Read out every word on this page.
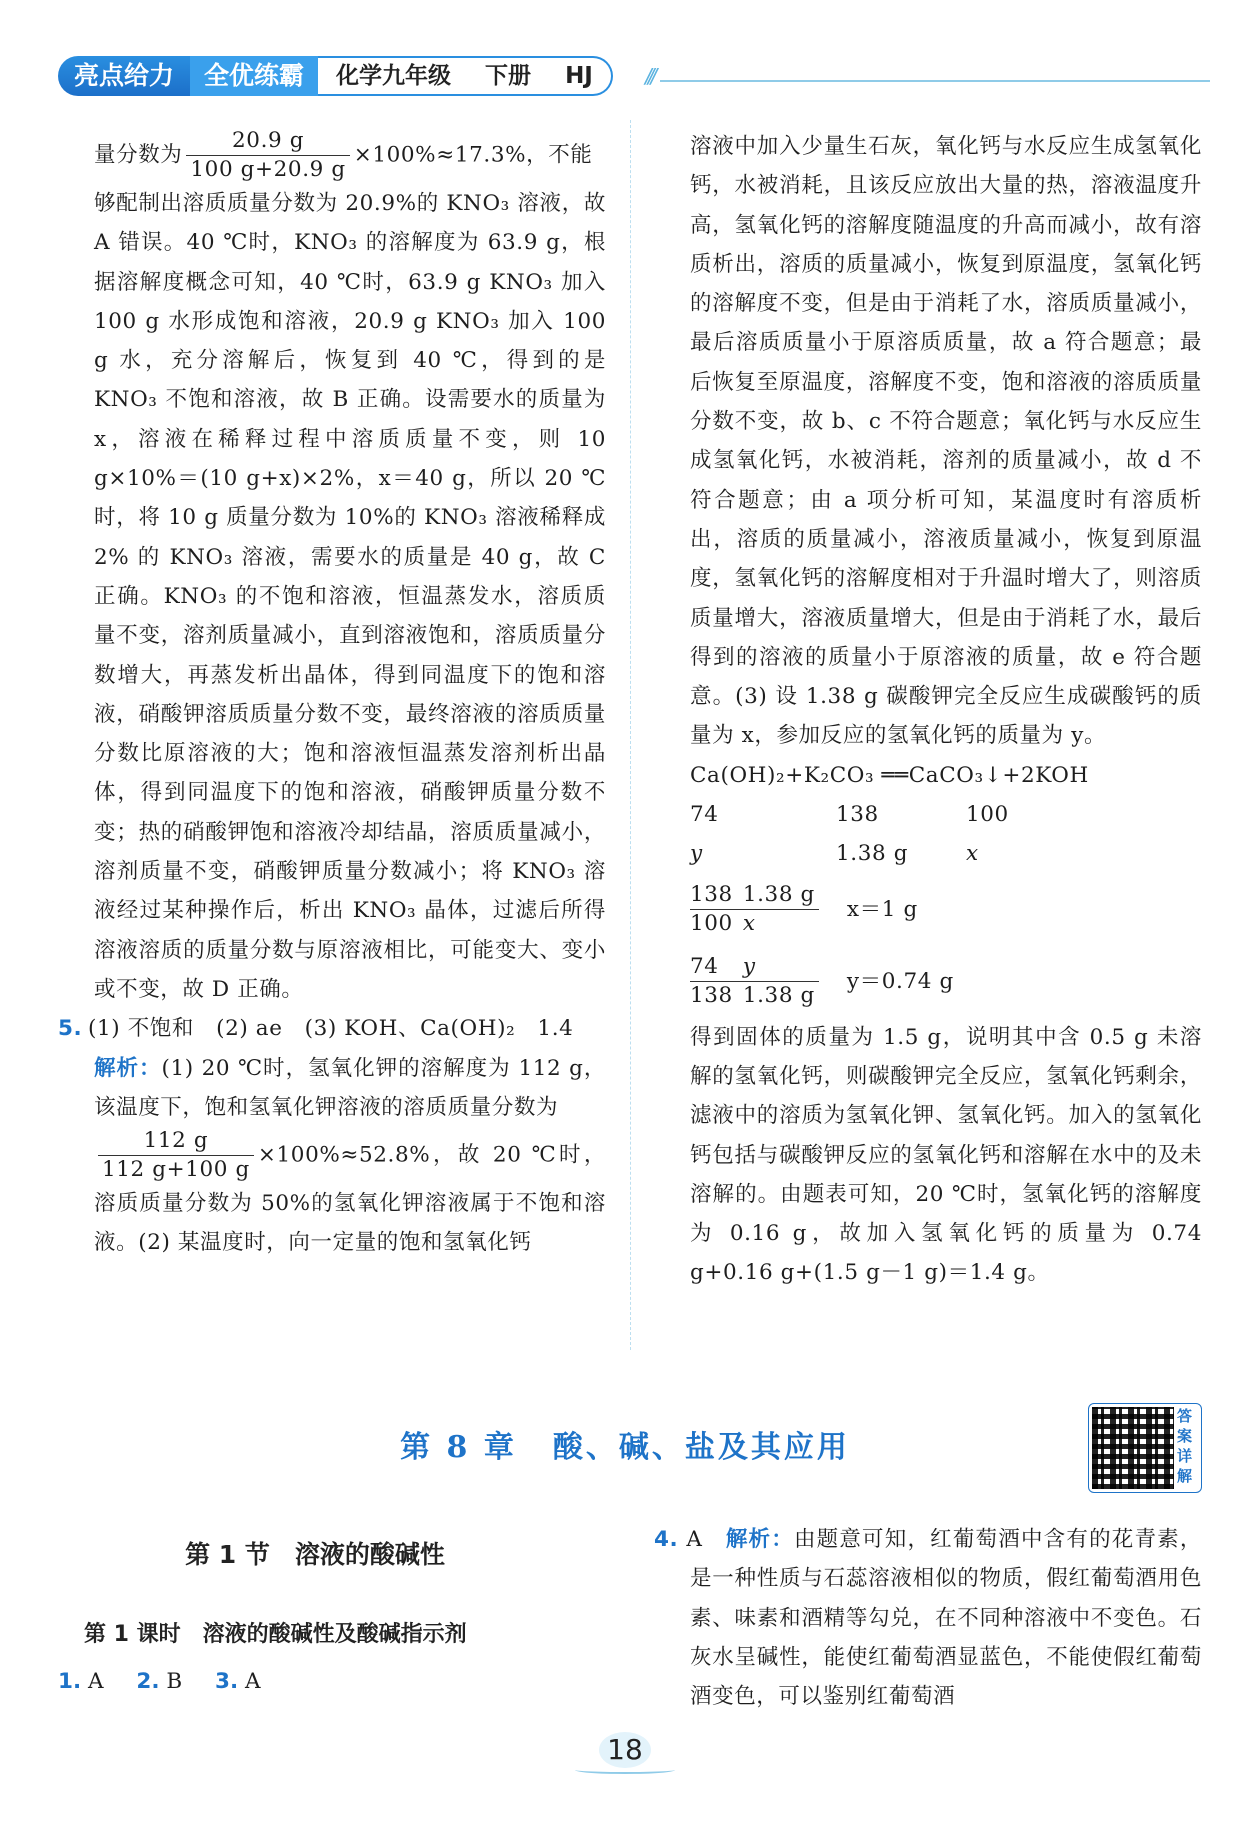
亮点给力	全优练霸	化学九年级 下册 HJ	///
量分数为 $\frac{20.9 g}{100 g+20.9 g} \times 100\%\approx 17.3\%$，不能

够配制出溶质质量分数为 20.9%的 KNO₃ 溶液，故 A 错误。40 ℃时，KNO₃ 的溶解度为 63.9 g，根据溶解度概念可知，40 ℃时，63.9 g KNO₃ 加入 100 g 水形成饱和溶液，20.9 g KNO₃ 加入 100 g 水，充分溶解后，恢复到 40 ℃，得到的是 KNO₃ 不饱和溶液，故 B 正确。设需要水的质量为 x，溶液在稀释过程中溶质质量不变，则 10 g×10%＝(10 g+x)×2%，x＝40 g，所以 20 ℃时，将 10 g 质量分数为 10%的 KNO₃ 溶液稀释成 2% 的 KNO₃ 溶液，需要水的质量是 40 g，故 C 正确。KNO₃ 的不饱和溶液，恒温蒸发水，溶质质量不变，溶剂质量减小，直到溶液饱和，溶质质量分数增大，再蒸发析出晶体，得到同温度下的饱和溶液，硝酸钾溶质质量分数不变，最终溶液的溶质质量分数比原溶液的大；饱和溶液恒温蒸发溶剂析出晶体，得到同温度下的饱和溶液，硝酸钾质量分数不变；热的硝酸钾饱和溶液冷却结晶，溶质质量减小，溶剂质量不变，硝酸钾质量分数减小；将 KNO₃ 溶液经过某种操作后，析出 KNO₃ 晶体，过滤后所得溶液溶质的质量分数与原溶液相比，可能变大、变小或不变，故 D 正确。

5. (1) 不饱和　(2) ae　(3) KOH、Ca(OH)₂　1.4

解析：(1) 20 ℃时，氢氧化钾的溶解度为 112 g，该温度下，饱和氢氧化钾溶液的溶质质量分数为

$\frac{112 g}{112 g+100 g} \times 100\%\approx 52.8\%$，故 20 ℃时，溶质质量分数为 50%的氢氧化钾溶液属于不饱和溶液。(2) 某温度时，向一定量的饱和氢氧化钙

溶液中加入少量生石灰，氧化钙与水反应生成氢氧化钙，水被消耗，且该反应放出大量的热，溶液温度升高，氢氧化钙的溶解度随温度的升高而减小，故有溶质析出，溶质的质量减小，恢复到原温度，氢氧化钙的溶解度不变，但是由于消耗了水，溶质质量减小，最后溶质质量小于原溶质质量，故 a 符合题意；最后恢复至原温度，溶解度不变，饱和溶液的溶质质量分数不变，故 b、c 不符合题意；氧化钙与水反应生成氢氧化钙，水被消耗，溶剂的质量减小，故 d 不符合题意；由 a 项分析可知，某温度时有溶质析出，溶质的质量减小，溶液质量减小，恢复到原温度，氢氧化钙的溶解度相对于升温时增大了，则溶质质量增大，溶液质量增大，但是由于消耗了水，最后得到的溶液的质量小于原溶液的质量，故 e 符合题意。(3) 设 1.38 g 碳酸钾完全反应生成碳酸钙的质量为 x，参加反应的氢氧化钙的质量为 y。

Ca(OH)₂+K₂CO₃ ══CaCO₃↓+2KOH
74	138	100
y	1.38 g	x
138 1.38 g
100 x
x＝1 g
74	y
138 1.38 g
y＝0.74 g

得到固体的质量为 1.5 g，说明其中含 0.5 g 未溶解的氢氧化钙，则碳酸钾完全反应，氢氧化钙剩余，滤液中的溶质为氢氧化钾、氢氧化钙。加入的氢氧化钙包括与碳酸钾反应的氢氧化钙和溶解在水中的及未溶解的。由题表可知，20 ℃时，氢氧化钙的溶解度为 0.16 g，故加入氢氧化钙的质量为 0.74 g+0.16 g+(1.5 g－1 g)＝1.4 g。

第 8 章 酸、碱、盐及其应用
答案详解
第 1 节　溶液的酸碱性
第 1 课时　溶液的酸碱性及酸碱指示剂
1. A 2. B 3. A

4. A　 解析：由题意可知，红葡萄酒中含有的花青素，是一种性质与石蕊溶液相似的物质，假红葡萄酒用色素、味素和酒精等勾兑，在不同种溶液中不变色。石灰水呈碱性，能使红葡萄酒显蓝色，不能使假红葡萄酒变色，可以鉴别红葡萄酒

18
